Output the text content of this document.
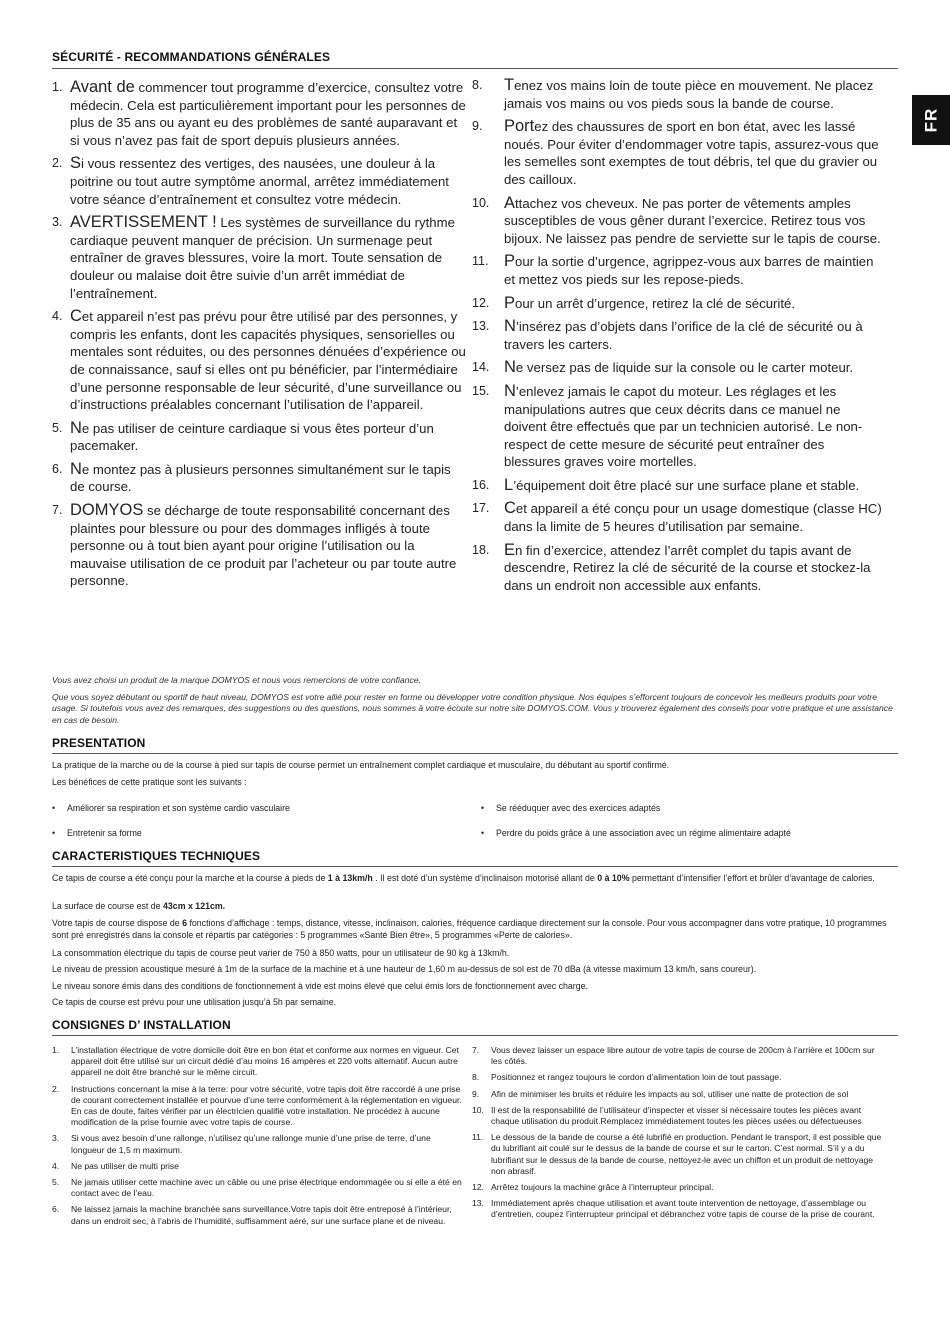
FR
SÉCURITÉ - RECOMMANDATIONS GÉNÉRALES
1. Avant de commencer tout programme d’exercice, consultez votre médecin. Cela est particulièrement important pour les personnes de plus de 35 ans ou ayant eu des problèmes de santé auparavant et si vous n’avez pas fait de sport depuis plusieurs années.
2. Si vous ressentez des vertiges, des nausées, une douleur à la poitrine ou tout autre symptôme anormal, arrêtez immédiatement votre séance d’entraînement et consultez votre médecin.
3. AVERTISSEMENT ! Les systèmes de surveillance du rythme cardiaque peuvent manquer de précision. Un surmenage peut entraîner de graves blessures, voire la mort. Toute sensation de douleur ou malaise doit être suivie d’un arrêt immédiat de l’entraînement.
4. Cet appareil n’est pas prévu pour être utilisé par des personnes, y compris les enfants, dont les capacités physiques, sensorielles ou mentales sont réduites, ou des personnes dénuées d’expérience ou de connaissance, sauf si elles ont pu bénéficier, par l’intermédiaire d’une personne responsable de leur sécurité, d’une surveillance ou d’instructions préalables concernant l’utilisation de l’appareil.
5. Ne pas utiliser de ceinture cardiaque si vous êtes porteur d’un pacemaker.
6. Ne montez pas à plusieurs personnes simultanément sur le tapis de course.
7. DOMYOS se décharge de toute responsabilité concernant des plaintes pour blessure ou pour des dommages infligés à toute personne ou à tout bien ayant pour origine l’utilisation ou la mauvaise utilisation de ce produit par l’acheteur ou par toute autre personne.
8.	Tenez vos mains loin de toute pièce en mouvement. Ne placez jamais vos mains ou vos pieds sous la bande de course.
9.	Portez des chaussures de sport en bon état, avec les lassé noués. Pour éviter d’endommager votre tapis, assurez-vous que les semelles sont exemptes de tout débris, tel que du gravier ou des cailloux.
10. Attachez vos cheveux. Ne pas porter de vêtements amples susceptibles de vous gêner durant l’exercice. Retirez tous vos bijoux. Ne laissez pas pendre de serviette sur le tapis de course.
11. Pour la sortie d’urgence, agrippez-vous aux barres de maintien et mettez vos pieds sur les repose-pieds.
12. Pour un arrêt d’urgence, retirez la clé de sécurité.
13. N’insérez pas d’objets dans l’orifice de la clé de sécurité ou à travers les carters.
14. Ne versez pas de liquide sur la console ou le carter moteur.
15. N’enlevez jamais le capot du moteur. Les réglages et les manipulations autres que ceux décrits dans ce manuel ne doivent être effectués que par un technicien autorisé. Le non-respect de cette mesure de sécurité peut entraîner des blessures graves voire mortelles.
16. L’équipement doit être placé sur une surface plane et stable.
17. Cet appareil a été conçu pour un usage domestique (classe HC) dans la limite de 5 heures d’utilisation par semaine.
18. En fin d’exercice, attendez l’arrêt complet du tapis avant de descendre, Retirez la clé de sécurité de la course et stockez-la dans un endroit non accessible aux enfants.
Vous avez choisi un produit de la marque DOMYOS et nous vous remercions de votre confiance.
Que vous soyez débutant ou sportif de haut niveau, DOMYOS est votre allié pour rester en forme ou développer votre condition physique. Nos équipes s’efforcent toujours de concevoir les meilleurs produits pour votre usage. Si toutefois vous avez des remarques, des suggestions ou des questions, nous sommes à votre écoute sur notre site DOMYOS.COM. Vous y trouverez également des conseils pour votre pratique et une assistance en cas de besoin.
PRESENTATION
La pratique de la marche ou de la course à pied sur tapis de course permet un entraînement complet cardiaque et musculaire, du débutant au sportif confirmé.
Les bénéfices de cette pratique sont les suivants :
•	Améliorer sa respiration et son système cardio vasculaire	•	Se rééduquer avec des exercices adaptés
•	Entretenir sa forme	•	Perdre du poids grâce à une association avec un régime alimentaire adapté
CARACTERISTIQUES TECHNIQUES
Ce tapis de course a été conçu pour la marche et la course à pieds de 1 à 13km/h . Il est doté d’un système d’inclinaison motorisé allant de 0 à 10% permettant d’intensifier l’effort et brûler d’avantage de calories.
La surface de course est de 43cm x 121cm.
Votre tapis de course dispose de 6 fonctions d’affichage : temps, distance, vitesse, inclinaison, calories, fréquence cardiaque directement sur la console. Pour vous accompagner dans votre pratique, 10 programmes sont pré enregistrés dans la console et répartis par catégories : 5 programmes «Santé Bien être», 5 programmes «Perte de calories».
La consommation électrique du tapis de course peut varier de 750 à 850 watts, pour un utilisateur de 90 kg à 13km/h.
Le niveau de pression acoustique mesuré à 1m de la surface de la machine et à une hauteur de 1,60 m au-dessus de sol est de 70 dBa (à vitesse maximum 13 km/h, sans coureur).
Le niveau sonore émis dans des conditions de fonctionnement à vide est moins élevé que celui émis lors de fonctionnement avec charge.
Ce tapis de course est prévu pour une utilisation jusqu’à 5h par semaine.
CONSIGNES D’ INSTALLATION
1.	L’installation électrique de votre domicile doit être en bon état et conforme aux normes en vigueur. Cet appareil doit être utilisé sur un circuit dédié d’au moins 16 ampères et 220 volts alternatif. Aucun autre appareil ne doit être branché sur le même circuit.
2.	Instructions concernant la mise à la terre: pour votre sécurité, votre tapis doit être raccordé à une prise de courant correctement installée et pourvue d’une terre conformément à la réglementation en vigueur. En cas de doute, faites vérifier par un électricien qualifié votre installation. Ne procédez à aucune modification de la prise fournie avec votre tapis de course.
3.	Si vous avez besoin d’une rallonge, n’utilisez qu’une rallonge munie d’une prise de terre, d’une longueur de 1,5 m maximum.
4.	Ne pas utiliser de multi prise
5.	Ne jamais utiliser cette machine avec un câble ou une prise électrique endommagée ou si elle a été en contact avec de l’eau.
6.	Ne laissez jamais la machine branchée sans surveillance.Votre tapis doit être entreposé à l’intérieur, dans un endroit sec, à l’abris de l’humidité, suffisamment aéré, sur une surface plane et de niveau.
7.	Vous devez laisser un espace libre autour de votre tapis de course de 200cm à l’arrière et 100cm sur les côtés.
8.	Positionnez et rangez toujours le cordon d’alimentation loin de tout passage.
9.	Afin de minimiser les bruits et réduire les impacts au sol, utiliser une natte de protection de sol
10. Il est de la responsabilité de l’utilisateur d’inspecter et visser si nécessaire toutes les pièces avant chaque utilisation du produit.Remplacez immédiatement toutes les pièces usées ou défectueuses
11. Le dessous de la bande de course a été lubrifié en production. Pendant le transport, il est possible que du lubrifiant ait coulé sur le dessus de la bande de course et sur le carton. C’est normal. S’il y a du lubrifiant sur le dessus de la bande de course, nettoyez-le avec un chiffon et un produit de nettoyage non abrasif.
12. Arrêtez toujours la machine grâce à l’interrupteur principal.
13. Immédiatement après chaque utilisation et avant toute intervention de nettoyage, d’assemblage ou d’entretien, coupez l’interrupteur principal et débranchez votre tapis de course de la prise de courant.
